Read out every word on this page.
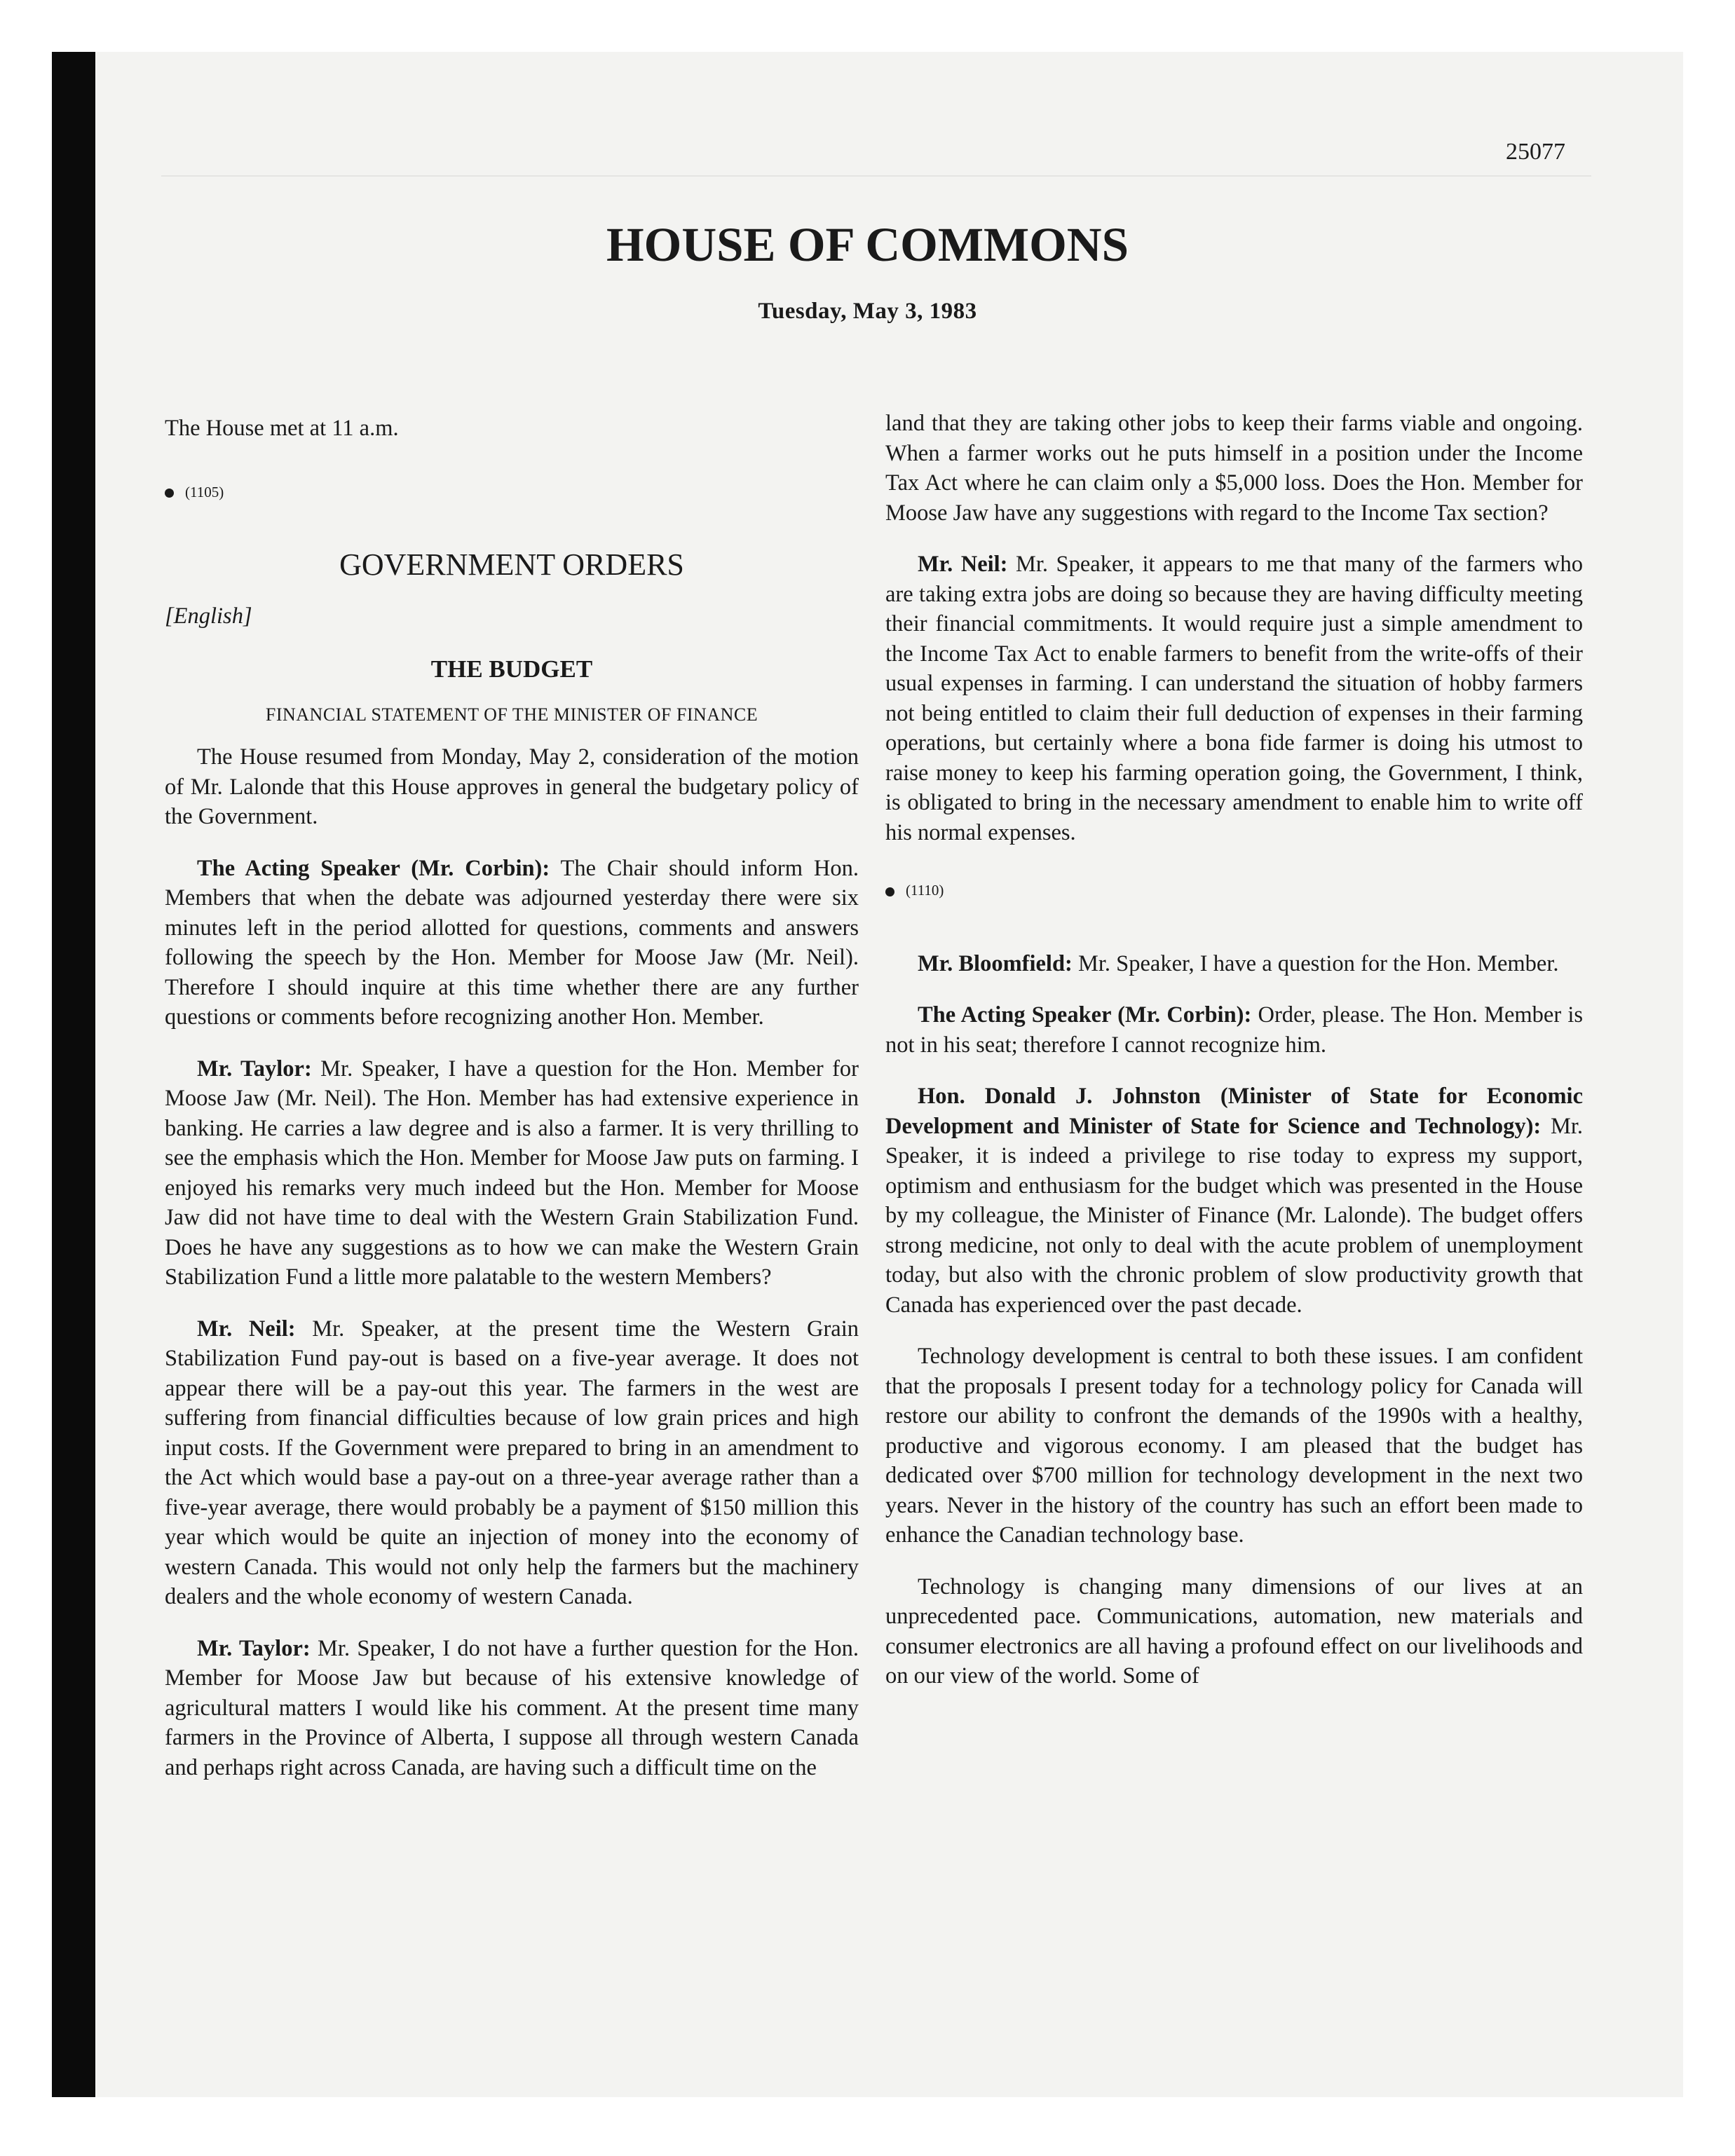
25077
HOUSE OF COMMONS
Tuesday, May 3, 1983

The House met at 11 a.m.

(1105)
GOVERNMENT ORDERS
[English]
THE BUDGET
FINANCIAL STATEMENT OF THE MINISTER OF FINANCE

The House resumed from Monday, May 2, consideration of the motion of Mr. Lalonde that this House approves in general the budgetary policy of the Government.

The Acting Speaker (Mr. Corbin): The Chair should inform Hon. Members that when the debate was adjourned yesterday there were six minutes left in the period allotted for questions, comments and answers following the speech by the Hon. Member for Moose Jaw (Mr. Neil). Therefore I should inquire at this time whether there are any further questions or comments before recognizing another Hon. Member.

Mr. Taylor: Mr. Speaker, I have a question for the Hon. Member for Moose Jaw (Mr. Neil). The Hon. Member has had extensive experience in banking. He carries a law degree and is also a farmer. It is very thrilling to see the emphasis which the Hon. Member for Moose Jaw puts on farming. I enjoyed his remarks very much indeed but the Hon. Member for Moose Jaw did not have time to deal with the Western Grain Stabilization Fund. Does he have any suggestions as to how we can make the Western Grain Stabilization Fund a little more palatable to the western Members?

Mr. Neil: Mr. Speaker, at the present time the Western Grain Stabilization Fund pay-out is based on a five-year average. It does not appear there will be a pay-out this year. The farmers in the west are suffering from financial difficulties because of low grain prices and high input costs. If the Government were prepared to bring in an amendment to the Act which would base a pay-out on a three-year average rather than a five-year average, there would probably be a payment of $150 million this year which would be quite an injection of money into the economy of western Canada. This would not only help the farmers but the machinery dealers and the whole economy of western Canada.

Mr. Taylor: Mr. Speaker, I do not have a further question for the Hon. Member for Moose Jaw but because of his extensive knowledge of agricultural matters I would like his comment. At the present time many farmers in the Province of Alberta, I suppose all through western Canada and perhaps right across Canada, are having such a difficult time on the

land that they are taking other jobs to keep their farms viable and ongoing. When a farmer works out he puts himself in a position under the Income Tax Act where he can claim only a $5,000 loss. Does the Hon. Member for Moose Jaw have any suggestions with regard to the Income Tax section?

Mr. Neil: Mr. Speaker, it appears to me that many of the farmers who are taking extra jobs are doing so because they are having difficulty meeting their financial commitments. It would require just a simple amendment to the Income Tax Act to enable farmers to benefit from the write-offs of their usual expenses in farming. I can understand the situation of hobby farmers not being entitled to claim their full deduction of expenses in their farming operations, but certainly where a bona fide farmer is doing his utmost to raise money to keep his farming operation going, the Government, I think, is obligated to bring in the necessary amendment to enable him to write off his normal expenses.

(1110)

Mr. Bloomfield: Mr. Speaker, I have a question for the Hon. Member.

The Acting Speaker (Mr. Corbin): Order, please. The Hon. Member is not in his seat; therefore I cannot recognize him.

Hon. Donald J. Johnston (Minister of State for Economic Development and Minister of State for Science and Technology): Mr. Speaker, it is indeed a privilege to rise today to express my support, optimism and enthusiasm for the budget which was presented in the House by my colleague, the Minister of Finance (Mr. Lalonde). The budget offers strong medicine, not only to deal with the acute problem of unemployment today, but also with the chronic problem of slow productivity growth that Canada has experienced over the past decade.

Technology development is central to both these issues. I am confident that the proposals I present today for a technology policy for Canada will restore our ability to confront the demands of the 1990s with a healthy, productive and vigorous economy. I am pleased that the budget has dedicated over $700 million for technology development in the next two years. Never in the history of the country has such an effort been made to enhance the Canadian technology base.

Technology is changing many dimensions of our lives at an unprecedented pace. Communications, automation, new materials and consumer electronics are all having a profound effect on our livelihoods and on our view of the world. Some of
